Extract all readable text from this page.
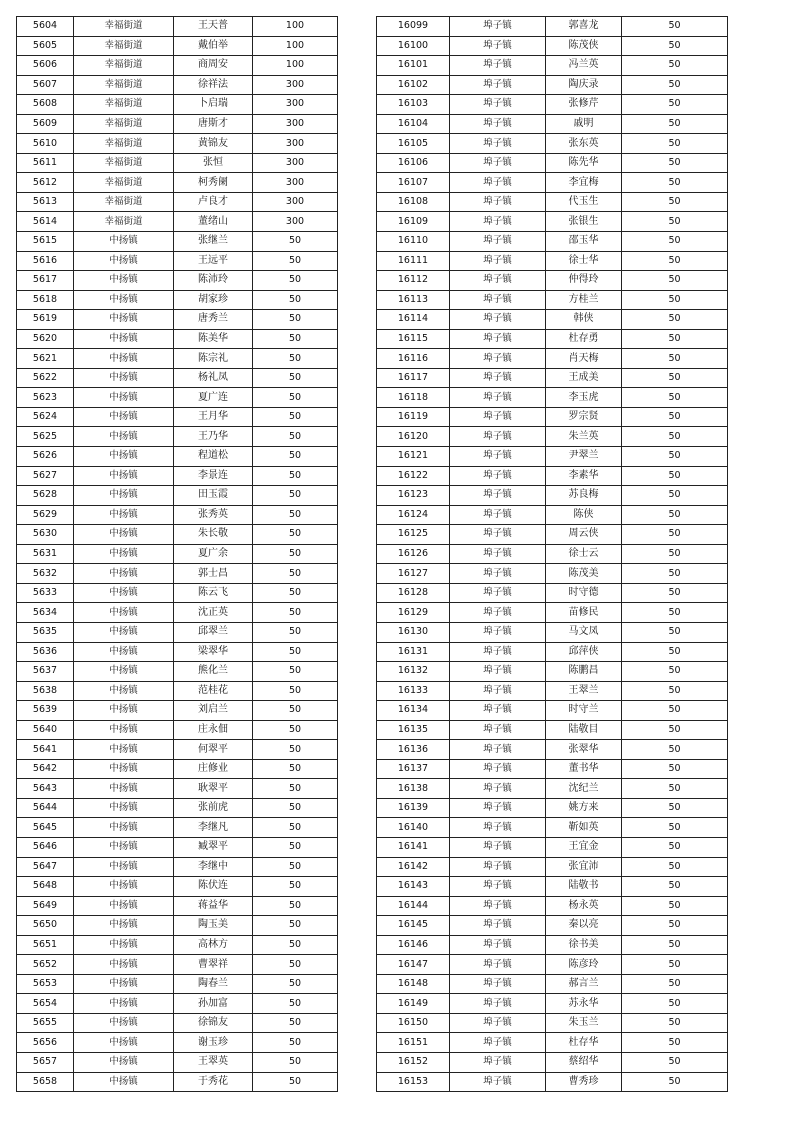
5604	幸福街道	王天普	100
5605	幸福街道	戴伯举	100
5606	幸福街道	商周安	100
5607	幸福街道	徐祥法	300
5608	幸福街道	卜启瑞	300
5609	幸福街道	唐斯才	300
5610	幸福街道	黄锦友	300
5611	幸福街道	张恒	300
5612	幸福街道	柯秀阑	300
5613	幸福街道	卢良才	300
5614	幸福街道	董绪山	300
5615	中扬镇	张继兰	50
5616	中扬镇	王远平	50
5617	中扬镇	陈沛玲	50
5618	中扬镇	胡家珍	50
5619	中扬镇	唐秀兰	50
5620	中扬镇	陈美华	50
5621	中扬镇	陈宗礼	50
5622	中扬镇	杨礼凤	50
5623	中扬镇	夏广连	50
5624	中扬镇	王月华	50
5625	中扬镇	王乃华	50
5626	中扬镇	程道松	50
5627	中扬镇	李景连	50
5628	中扬镇	田玉霞	50
5629	中扬镇	张秀英	50
5630	中扬镇	朱长敬	50
5631	中扬镇	夏广余	50
5632	中扬镇	郭士昌	50
5633	中扬镇	陈云飞	50
5634	中扬镇	沈正英	50
5635	中扬镇	邱翠兰	50
5636	中扬镇	梁翠华	50
5637	中扬镇	熊化兰	50
5638	中扬镇	范桂花	50
5639	中扬镇	刘启兰	50
5640	中扬镇	庄永佃	50
5641	中扬镇	何翠平	50
5642	中扬镇	庄修业	50
5643	中扬镇	耿翠平	50
5644	中扬镇	张前虎	50
5645	中扬镇	李继凡	50
5646	中扬镇	臧翠平	50
5647	中扬镇	李继中	50
5648	中扬镇	陈伏连	50
5649	中扬镇	蒋益华	50
5650	中扬镇	陶玉美	50
5651	中扬镇	高林方	50
5652	中扬镇	曹翠祥	50
5653	中扬镇	陶春兰	50
5654	中扬镇	孙加富	50
5655	中扬镇	徐锦友	50
5656	中扬镇	谢玉珍	50
5657	中扬镇	王翠英	50
5658	中扬镇	于秀花	50
16099	埠子镇	郭喜龙	50
16100	埠子镇	陈茂侠	50
16101	埠子镇	冯兰英	50
16102	埠子镇	陶庆录	50
16103	埠子镇	张修芹	50
16104	埠子镇	戚明	50
16105	埠子镇	张东英	50
16106	埠子镇	陈先华	50
16107	埠子镇	李宜梅	50
16108	埠子镇	代玉生	50
16109	埠子镇	张银生	50
16110	埠子镇	邵玉华	50
16111	埠子镇	徐士华	50
16112	埠子镇	仲得玲	50
16113	埠子镇	方桂兰	50
16114	埠子镇	韩侠	50
16115	埠子镇	杜存勇	50
16116	埠子镇	肖天梅	50
16117	埠子镇	王成美	50
16118	埠子镇	李玉虎	50
16119	埠子镇	罗宗贤	50
16120	埠子镇	朱兰英	50
16121	埠子镇	尹翠兰	50
16122	埠子镇	李素华	50
16123	埠子镇	苏良梅	50
16124	埠子镇	陈侠	50
16125	埠子镇	周云侠	50
16126	埠子镇	徐士云	50
16127	埠子镇	陈茂美	50
16128	埠子镇	时守德	50
16129	埠子镇	苗修民	50
16130	埠子镇	马文凤	50
16131	埠子镇	邱萍侠	50
16132	埠子镇	陈鹏昌	50
16133	埠子镇	王翠兰	50
16134	埠子镇	时守兰	50
16135	埠子镇	陆敬目	50
16136	埠子镇	张翠华	50
16137	埠子镇	董书华	50
16138	埠子镇	沈纪兰	50
16139	埠子镇	姚方来	50
16140	埠子镇	靳如英	50
16141	埠子镇	王宜金	50
16142	埠子镇	张宜沛	50
16143	埠子镇	陆敬书	50
16144	埠子镇	杨永英	50
16145	埠子镇	秦以亮	50
16146	埠子镇	徐书美	50
16147	埠子镇	陈彦玲	50
16148	埠子镇	郝言兰	50
16149	埠子镇	苏永华	50
16150	埠子镇	朱玉兰	50
16151	埠子镇	杜存华	50
16152	埠子镇	蔡绍华	50
16153	埠子镇	曹秀珍	50
